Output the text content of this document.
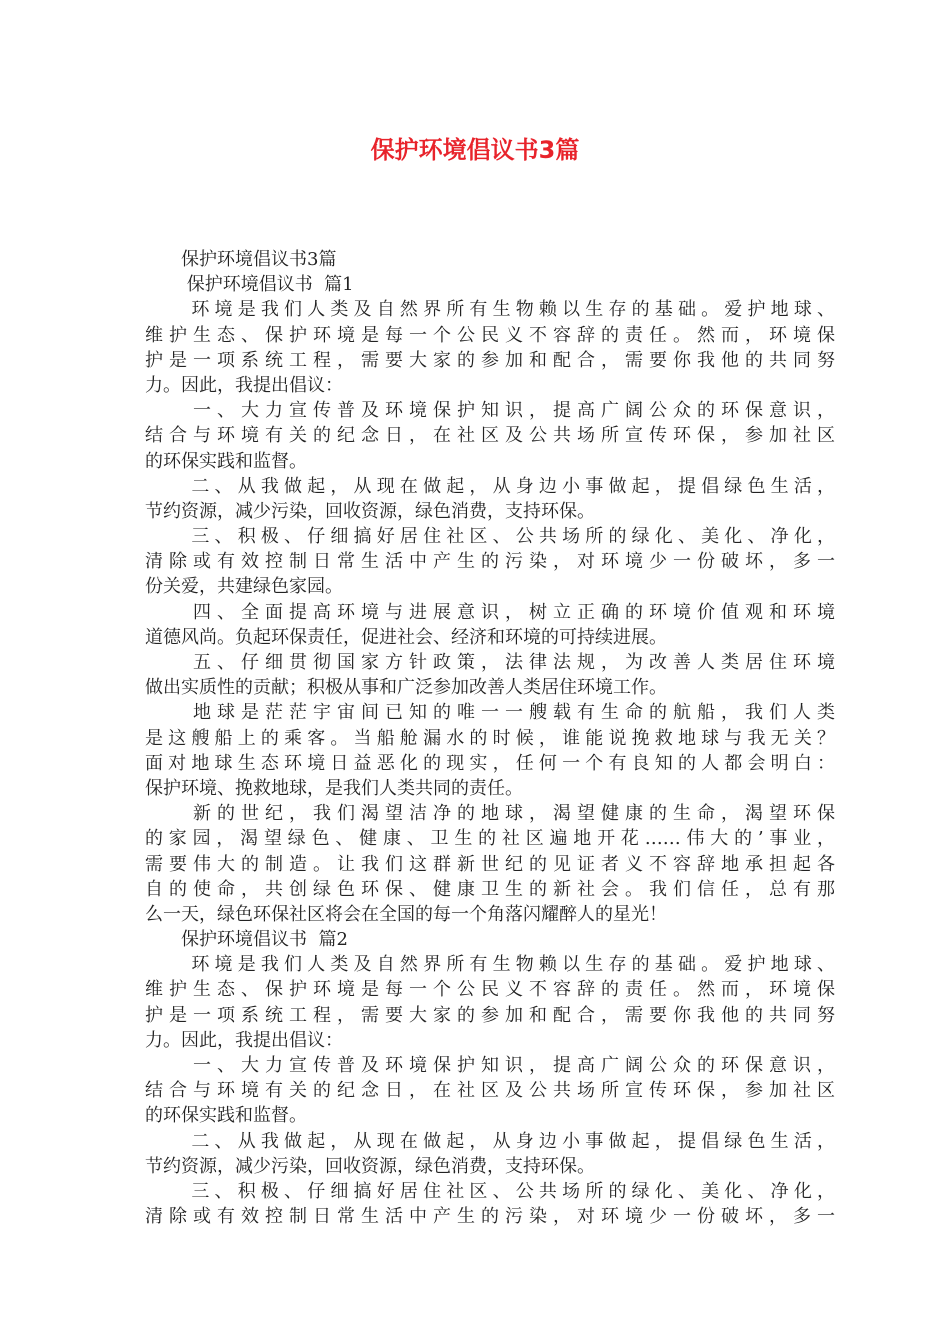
保护环境倡议书3篇

　　保护环境倡议书3篇

　　 保护环境倡议书  篇1

　　环境是我们人类及自然界所有生物赖以生存的基础。爱护地球、

维护生态、保护环境是每一个公民义不容辞的责任。然而，环境保

护是一项系统工程，需要大家的参加和配合，需要你我他的共同努

力。因此，我提出倡议：

　　一、大力宣传普及环境保护知识，提高广阔公众的环保意识，

结合与环境有关的纪念日，在社区及公共场所宣传环保，参加社区

的环保实践和监督。

　　二、从我做起，从现在做起，从身边小事做起，提倡绿色生活，

节约资源，减少污染，回收资源，绿色消费，支持环保。

　　三、积极、仔细搞好居住社区、公共场所的绿化、美化、净化，

清除或有效控制日常生活中产生的污染，对环境少一份破坏，多一

份关爱，共建绿色家园。

　　四、全面提高环境与进展意识，树立正确的环境价值观和环境

道德风尚。负起环保责任，促进社会、经济和环境的可持续进展。

　　五、仔细贯彻国家方针政策，法律法规，为改善人类居住环境

做出实质性的贡献；积极从事和广泛参加改善人类居住环境工作。

　　地球是茫茫宇宙间已知的唯一一艘载有生命的航船，我们人类

是这艘船上的乘客。当船舱漏水的时候，谁能说挽救地球与我无关？

面对地球生态环境日益恶化的现实，任何一个有良知的人都会明白：

保护环境、挽救地球，是我们人类共同的责任。

　　新的世纪，我们渴望洁净的地球，渴望健康的生命，渴望环保

的家园，渴望绿色、健康、卫生的社区遍地开花……伟大的’事业，

需要伟大的制造。让我们这群新世纪的见证者义不容辞地承担起各

自的使命，共创绿色环保、健康卫生的新社会。我们信任，总有那

么一天，绿色环保社区将会在全国的每一个角落闪耀醉人的星光！

　　保护环境倡议书  篇2

　　环境是我们人类及自然界所有生物赖以生存的基础。爱护地球、

维护生态、保护环境是每一个公民义不容辞的责任。然而，环境保

护是一项系统工程，需要大家的参加和配合，需要你我他的共同努

力。因此，我提出倡议：

　　一、大力宣传普及环境保护知识，提高广阔公众的环保意识，

结合与环境有关的纪念日，在社区及公共场所宣传环保，参加社区

的环保实践和监督。

　　二、从我做起，从现在做起，从身边小事做起，提倡绿色生活，

节约资源，减少污染，回收资源，绿色消费，支持环保。

　　三、积极、仔细搞好居住社区、公共场所的绿化、美化、净化，

清除或有效控制日常生活中产生的污染，对环境少一份破坏，多一
